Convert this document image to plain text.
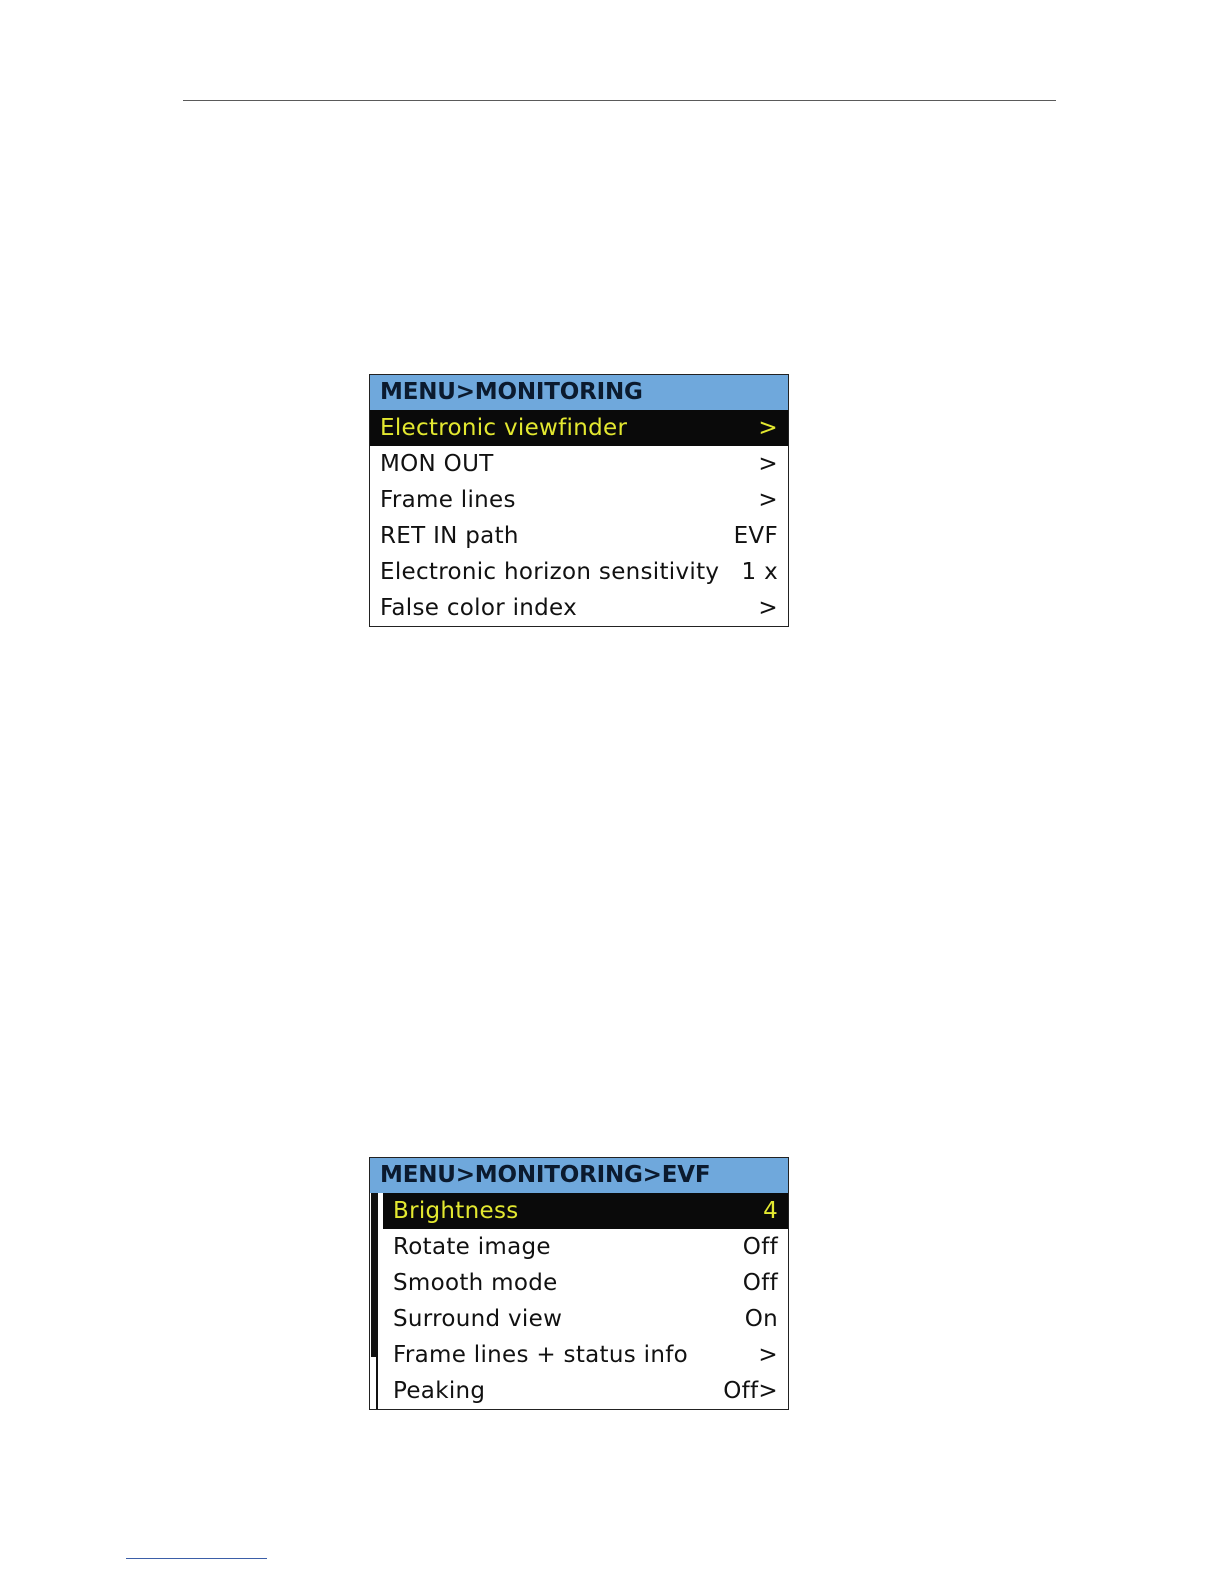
MENU>MONITORING
Electronic viewfinder	>
MON OUT	>
Frame lines	>
RET IN path	EVF
Electronic horizon sensitivity 1 x
False color index	>
MENU>MONITORING>EVF
Brightness	4
Rotate image	Off
Smooth mode	Off
Surround view	On
Frame lines + status info	>
Peaking	Off>
